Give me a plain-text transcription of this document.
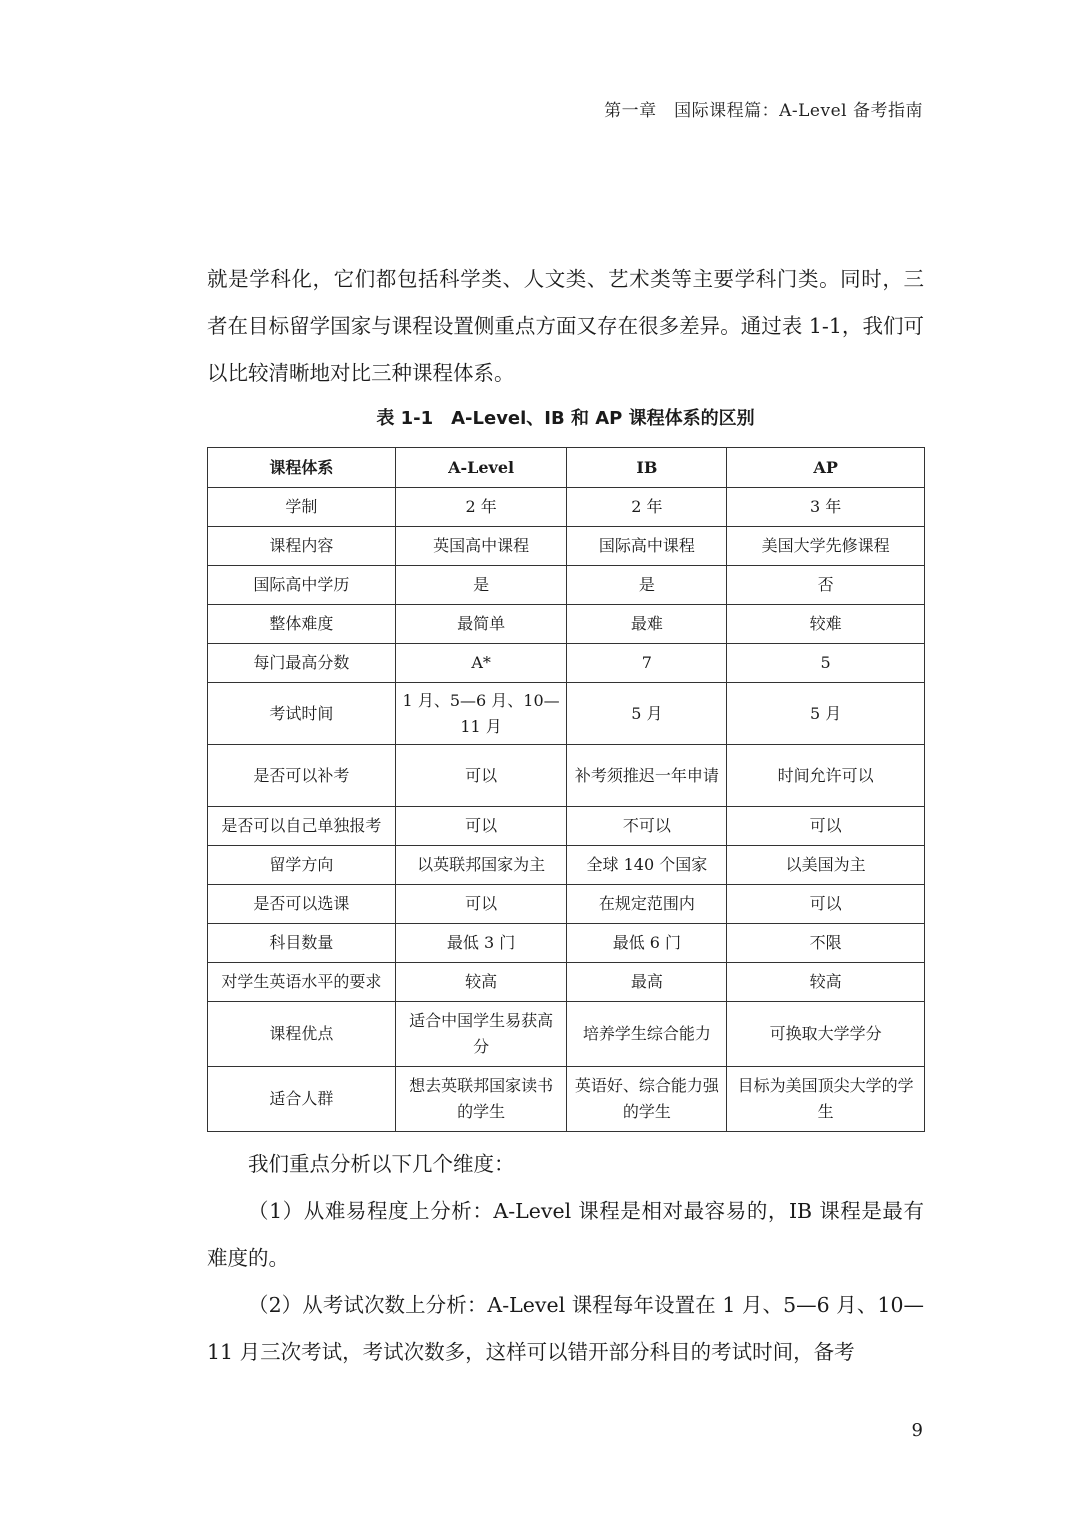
第一章　国际课程篇：A-Level 备考指南

就是学科化，它们都包括科学类、人文类、艺术类等主要学科门类。同时，三者在目标留学国家与课程设置侧重点方面又存在很多差异。通过表 1-1，我们可以比较清晰地对比三种课程体系。

表 1-1　A-Level、IB 和 AP 课程体系的区别
课程体系	A-Level	IB	AP
学制	2 年	2 年	3 年
课程内容	英国高中课程	国际高中课程	美国大学先修课程
国际高中学历	是	是	否
整体难度	最简单	最难	较难
每门最高分数	A*	7	5
考试时间	1 月、5—6 月、10—11 月	5 月	5 月
是否可以补考	可以	补考须推迟一年申请	时间允许可以
是否可以自己单独报考	可以	不可以	可以
留学方向	以英联邦国家为主	全球 140 个国家	以美国为主
是否可以选课	可以	在规定范围内	可以
科目数量	最低 3 门	最低 6 门	不限
对学生英语水平的要求	较高	最高	较高
课程优点	适合中国学生易获高分	培养学生综合能力	可换取大学学分
适合人群	想去英联邦国家读书的学生	英语好、综合能力强的学生	目标为美国顶尖大学的学生

我们重点分析以下几个维度：

（1）从难易程度上分析：A-Level 课程是相对最容易的，IB 课程是最有难度的。

（2）从考试次数上分析：A-Level 课程每年设置在 1 月、5—6 月、10—11 月三次考试，考试次数多，这样可以错开部分科目的考试时间，备考

9
